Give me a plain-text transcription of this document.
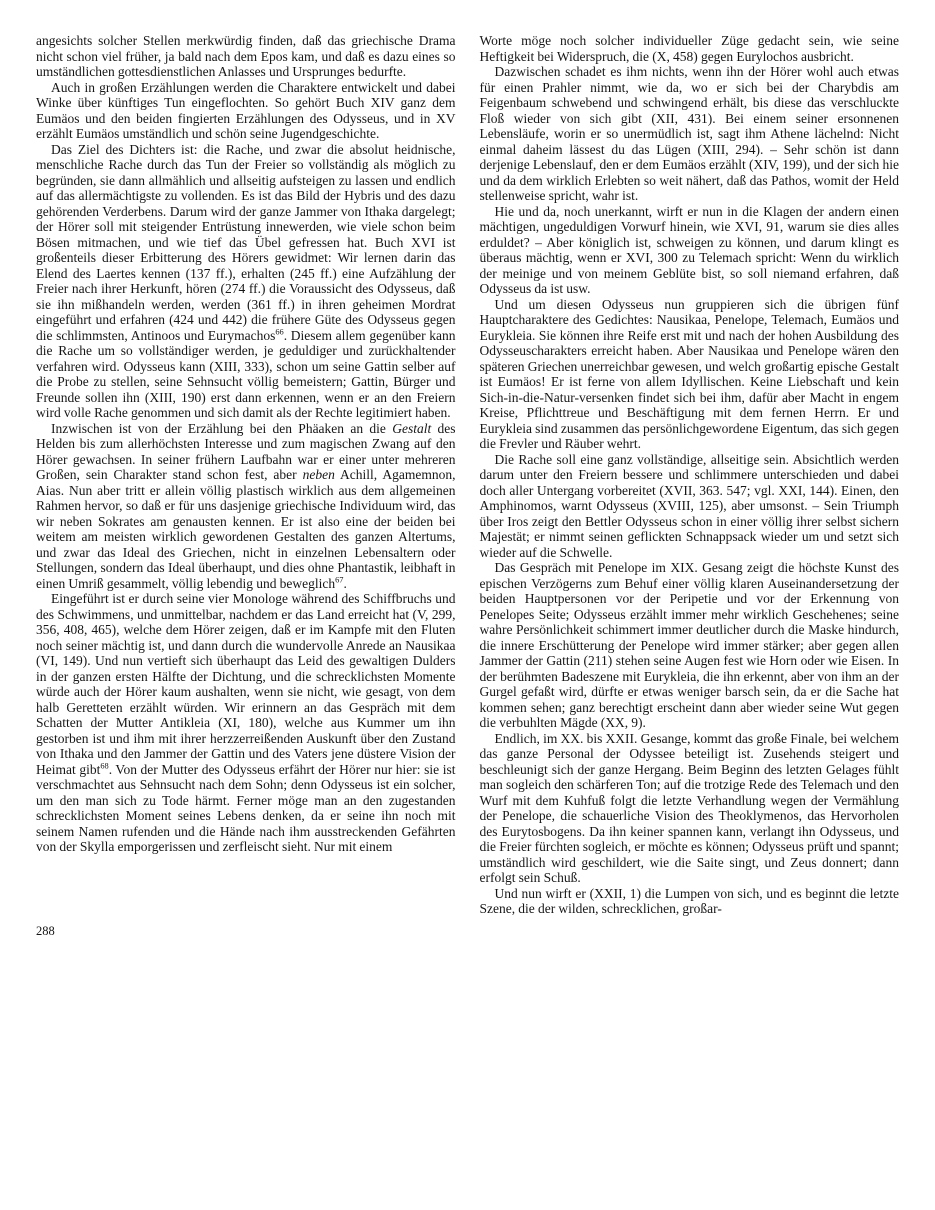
angesichts solcher Stellen merkwürdig finden, daß das griechische Drama nicht schon viel früher, ja bald nach dem Epos kam, und daß es dazu eines so umständlichen gottesdienstlichen Anlasses und Ursprunges bedurfte.

Auch in großen Erzählungen werden die Charaktere entwickelt und dabei Winke über künftiges Tun eingeflochten. So gehört Buch XIV ganz dem Eumäos und den beiden fingierten Erzählungen des Odysseus, und in XV erzählt Eumäos umständlich und schön seine Jugendgeschichte.

Das Ziel des Dichters ist: die Rache, und zwar die absolut heidnische, menschliche Rache durch das Tun der Freier so vollständig als möglich zu begründen, sie dann allmählich und allseitig aufsteigen zu lassen und endlich auf das allermächtigste zu vollenden. Es ist das Bild der Hybris und des dazu gehörenden Verderbens. Darum wird der ganze Jammer von Ithaka dargelegt; der Hörer soll mit steigender Entrüstung innewerden, wie viele schon beim Bösen mitmachen, und wie tief das Übel gefressen hat. Buch XVI ist großenteils dieser Erbitterung des Hörers gewidmet: Wir lernen darin das Elend des Laertes kennen (137 ff.), erhalten (245 ff.) eine Aufzählung der Freier nach ihrer Herkunft, hören (274 ff.) die Voraussicht des Odysseus, daß sie ihn mißhandeln werden, werden (361 ff.) in ihren geheimen Mordrat eingeführt und erfahren (424 und 442) die frühere Güte des Odysseus gegen die schlimmsten, Antinoos und Eurymachos$^{66}$. Diesem allem gegenüber kann die Rache um so vollständiger werden, je geduldiger und zurückhaltender verfahren wird. Odysseus kann (XIII, 333), schon um seine Gattin selber auf die Probe zu stellen, seine Sehnsucht völlig bemeistern; Gattin, Bürger und Freunde sollen ihn (XIII, 190) erst dann erkennen, wenn er an den Freiern wird volle Rache genommen und sich damit als der Rechte legitimiert haben.

Inzwischen ist von der Erzählung bei den Phäaken an die Gestalt des Helden bis zum allerhöchsten Interesse und zum magischen Zwang auf den Hörer gewachsen. In seiner frühern Laufbahn war er einer unter mehreren Großen, sein Charakter stand schon fest, aber neben Achill, Agamemnon, Aias. Nun aber tritt er allein völlig plastisch wirklich aus dem allgemeinen Rahmen hervor, so daß er für uns dasjenige griechische Individuum wird, das wir neben Sokrates am genausten kennen. Er ist also eine der beiden bei weitem am meisten wirklich gewordenen Gestalten des ganzen Altertums, und zwar das Ideal des Griechen, nicht in einzelnen Lebensaltern oder Stellungen, sondern das Ideal überhaupt, und dies ohne Phantastik, leibhaft in einen Umriß gesammelt, völlig lebendig und beweglich$^{67}$.

Eingeführt ist er durch seine vier Monologe während des Schiffbruchs und des Schwimmens, und unmittelbar, nachdem er das Land erreicht hat (V, 299, 356, 408, 465), welche dem Hörer zeigen, daß er im Kampfe mit den Fluten noch seiner mächtig ist, und dann durch die wundervolle Anrede an Nausikaa (VI, 149). Und nun vertieft sich überhaupt das Leid des gewaltigen Dulders in der ganzen ersten Hälfte der Dichtung, und die schrecklichsten Momente würde auch der Hörer kaum aushalten, wenn sie nicht, wie gesagt, von dem halb Geretteten erzählt würden. Wir erinnern an das Gespräch mit dem Schatten der Mutter Antikleia (XI, 180), welche aus Kummer um ihn gestorben ist und ihm mit ihrer herzzerreißenden Auskunft über den Zustand von Ithaka und den Jammer der Gattin und des Vaters jene düstere Vision der Heimat gibt$^{68}$. Von der Mutter des Odysseus erfährt der Hörer nur hier: sie ist verschmachtet aus Sehnsucht nach dem Sohn; denn Odysseus ist ein solcher, um den man sich zu Tode härmt. Ferner möge man an den zugestanden schrecklichsten Moment seines Lebens denken, da er seine ihn noch mit seinem Namen rufenden und die Hände nach ihm ausstreckenden Gefährten von der Skylla emporgerissen und zerfleischt sieht. Nur mit einem

Worte möge noch solcher individueller Züge gedacht sein, wie seine Heftigkeit bei Widerspruch, die (X, 458) gegen Eurylochos ausbricht.

Dazwischen schadet es ihm nichts, wenn ihn der Hörer wohl auch etwas für einen Prahler nimmt, wie da, wo er sich bei der Charybdis am Feigenbaum schwebend und schwingend erhält, bis diese das verschluckte Floß wieder von sich gibt (XII, 431). Bei einem seiner ersonnenen Lebensläufe, worin er so unermüdlich ist, sagt ihm Athene lächelnd: Nicht einmal daheim lässest du das Lügen (XIII, 294). – Sehr schön ist dann derjenige Lebenslauf, den er dem Eumäos erzählt (XIV, 199), und der sich hie und da dem wirklich Erlebten so weit nähert, daß das Pathos, womit der Held stellenweise spricht, wahr ist.

Hie und da, noch unerkannt, wirft er nun in die Klagen der andern einen mächtigen, ungeduldigen Vorwurf hinein, wie XVI, 91, warum sie dies alles erduldet? – Aber königlich ist, schweigen zu können, und darum klingt es überaus mächtig, wenn er XVI, 300 zu Telemach spricht: Wenn du wirklich der meinige und von meinem Geblüte bist, so soll niemand erfahren, daß Odysseus da ist usw.

Und um diesen Odysseus nun gruppieren sich die übrigen fünf Hauptcharaktere des Gedichtes: Nausikaa, Penelope, Telemach, Eumäos und Eurykleia. Sie können ihre Reife erst mit und nach der hohen Ausbildung des Odysseuscharakters erreicht haben. Aber Nausikaa und Penelope wären den späteren Griechen unerreichbar gewesen, und welch großartig epische Gestalt ist Eumäos! Er ist ferne von allem Idyllischen. Keine Liebschaft und kein Sich-in-die-Natur-versenken findet sich bei ihm, dafür aber Macht in engem Kreise, Pflichttreue und Beschäftigung mit dem fernen Herrn. Er und Eurykleia sind zusammen das persönlichgewordene Eigentum, das sich gegen die Frevler und Räuber wehrt.

Die Rache soll eine ganz vollständige, allseitige sein. Absichtlich werden darum unter den Freiern bessere und schlimmere unterschieden und dabei doch aller Untergang vorbereitet (XVII, 363. 547; vgl. XXI, 144). Einen, den Amphinomos, warnt Odysseus (XVIII, 125), aber umsonst. – Sein Triumph über Iros zeigt den Bettler Odysseus schon in einer völlig ihrer selbst sichern Majestät; er nimmt seinen geflickten Schnappsack wieder um und setzt sich wieder auf die Schwelle.

Das Gespräch mit Penelope im XIX. Gesang zeigt die höchste Kunst des epischen Verzögerns zum Behuf einer völlig klaren Auseinandersetzung der beiden Hauptpersonen vor der Peripetie und vor der Erkennung von Penelopes Seite; Odysseus erzählt immer mehr wirklich Geschehenes; seine wahre Persönlichkeit schimmert immer deutlicher durch die Maske hindurch, die innere Erschütterung der Penelope wird immer stärker; aber gegen allen Jammer der Gattin (211) stehen seine Augen fest wie Horn oder wie Eisen. In der berühmten Badeszene mit Eurykleia, die ihn erkennt, aber von ihm an der Gurgel gefaßt wird, dürfte er etwas weniger barsch sein, da er die Sache hat kommen sehen; ganz berechtigt erscheint dann aber wieder seine Wut gegen die verbuhlten Mägde (XX, 9).

Endlich, im XX. bis XXII. Gesange, kommt das große Finale, bei welchem das ganze Personal der Odyssee beteiligt ist. Zusehends steigert und beschleunigt sich der ganze Hergang. Beim Beginn des letzten Gelages fühlt man sogleich den schärferen Ton; auf die trotzige Rede des Telemach und den Wurf mit dem Kuhfuß folgt die letzte Verhandlung wegen der Vermählung der Penelope, die schauerliche Vision des Theoklymenos, das Hervorholen des Eurytosbogens. Da ihn keiner spannen kann, verlangt ihn Odysseus, und die Freier fürchten sogleich, er möchte es können; Odysseus prüft und spannt; umständlich wird geschildert, wie die Saite singt, und Zeus donnert; dann erfolgt sein Schuß.

Und nun wirft er (XXII, 1) die Lumpen von sich, und es beginnt die letzte Szene, die der wilden, schrecklichen, großar-

288
